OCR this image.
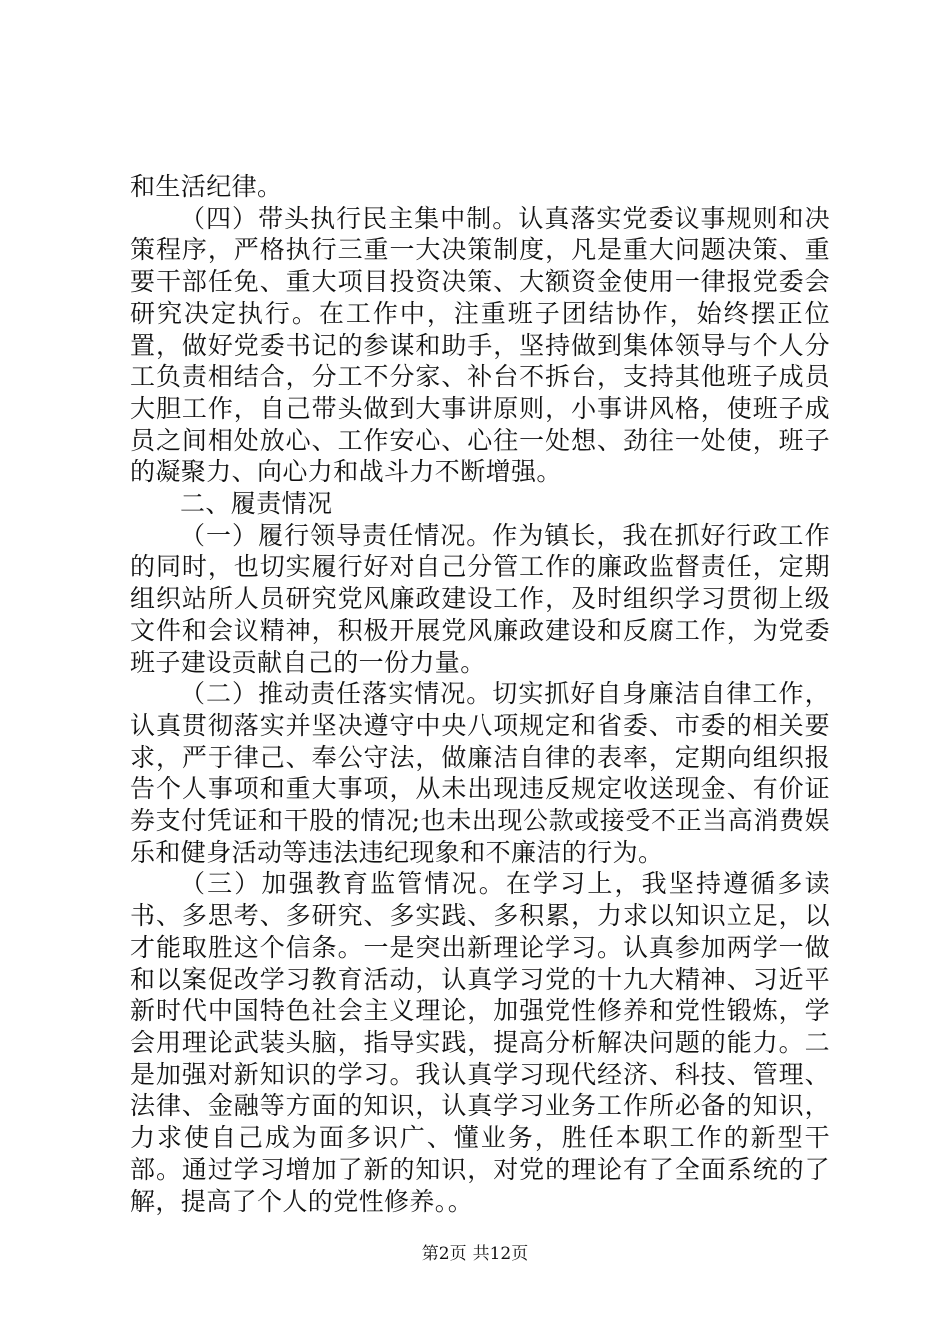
和生活纪律。

（四）带头执行民主集中制。认真落实党委议事规则和决策程序，严格执行三重一大决策制度，凡是重大问题决策、重要干部任免、重大项目投资决策、大额资金使用一律报党委会研究决定执行。在工作中，注重班子团结协作，始终摆正位置，做好党委书记的参谋和助手，坚持做到集体领导与个人分工负责相结合，分工不分家、补台不拆台，支持其他班子成员大胆工作，自己带头做到大事讲原则，小事讲风格，使班子成员之间相处放心、工作安心、心往一处想、劲往一处使，班子的凝聚力、向心力和战斗力不断增强。

二、履责情况

（一）履行领导责任情况。作为镇长，我在抓好行政工作的同时，也切实履行好对自己分管工作的廉政监督责任，定期组织站所人员研究党风廉政建设工作，及时组织学习贯彻上级文件和会议精神，积极开展党风廉政建设和反腐工作，为党委班子建设贡献自己的一份力量。

（二）推动责任落实情况。切实抓好自身廉洁自律工作，认真贯彻落实并坚决遵守中央八项规定和省委、市委的相关要求，严于律己、奉公守法，做廉洁自律的表率，定期向组织报告个人事项和重大事项，从未出现违反规定收送现金、有价证券支付凭证和干股的情况;也未出现公款或接受不正当高消费娱乐和健身活动等违法违纪现象和不廉洁的行为。

（三）加强教育监管情况。在学习上，我坚持遵循多读书、多思考、多研究、多实践、多积累，力求以知识立足，以才能取胜这个信条。一是突出新理论学习。认真参加两学一做和以案促改学习教育活动，认真学习党的十九大精神、习近平新时代中国特色社会主义理论，加强党性修养和党性锻炼，学会用理论武装头脑，指导实践，提高分析解决问题的能力。二是加强对新知识的学习。我认真学习现代经济、科技、管理、法律、金融等方面的知识，认真学习业务工作所必备的知识，力求使自己成为面多识广、懂业务，胜任本职工作的新型干部。通过学习增加了新的知识，对党的理论有了全面系统的了解，提高了个人的党性修养。。

第2页 共12页
